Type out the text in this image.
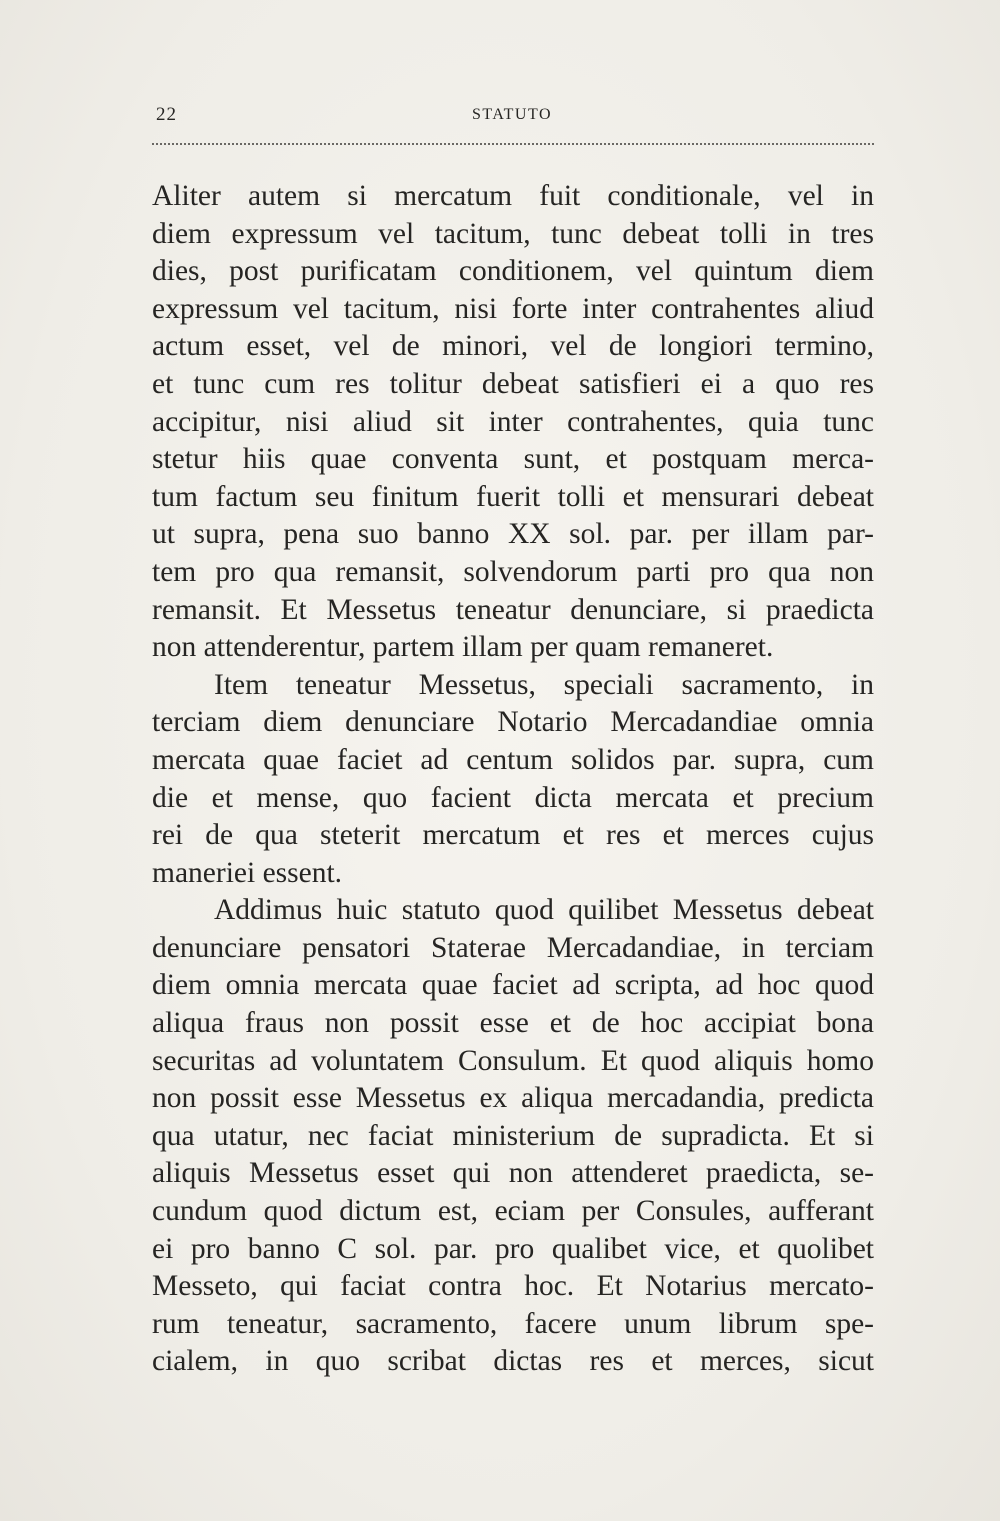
22	STATUTO
Aliter autem si mercatum fuit conditionale, vel in
diem expressum vel tacitum, tunc debeat tolli in tres
dies, post purificatam conditionem, vel quintum diem
expressum vel tacitum, nisi forte inter contrahentes aliud
actum esset, vel de minori, vel de longiori termino,
et tunc cum res tolitur debeat satisfieri ei a quo res
accipitur, nisi aliud sit inter contrahentes, quia tunc
stetur hiis quae conventa sunt, et postquam merca-
tum factum seu finitum fuerit tolli et mensurari debeat
ut supra, pena suo banno XX sol. par. per illam par-
tem pro qua remansit, solvendorum parti pro qua non
remansit. Et Messetus teneatur denunciare, si praedicta
non attenderentur, partem illam per quam remaneret.
Item teneatur Messetus, speciali sacramento, in
terciam diem denunciare Notario Mercadandiae omnia
mercata quae faciet ad centum solidos par. supra, cum
die et mense, quo facient dicta mercata et precium
rei de qua steterit mercatum et res et merces cujus
maneriei essent.
Addimus huic statuto quod quilibet Messetus debeat
denunciare pensatori Staterae Mercadandiae, in terciam
diem omnia mercata quae faciet ad scripta, ad hoc quod
aliqua fraus non possit esse et de hoc accipiat bona
securitas ad voluntatem Consulum. Et quod aliquis homo
non possit esse Messetus ex aliqua mercadandia, predicta
qua utatur, nec faciat ministerium de supradicta. Et si
aliquis Messetus esset qui non attenderet praedicta, se-
cundum quod dictum est, eciam per Consules, aufferant
ei pro banno C sol. par. pro qualibet vice, et quolibet
Messeto, qui faciat contra hoc. Et Notarius mercato-
rum teneatur, sacramento, facere unum librum spe-
cialem, in quo scribat dictas res et merces, sicut
